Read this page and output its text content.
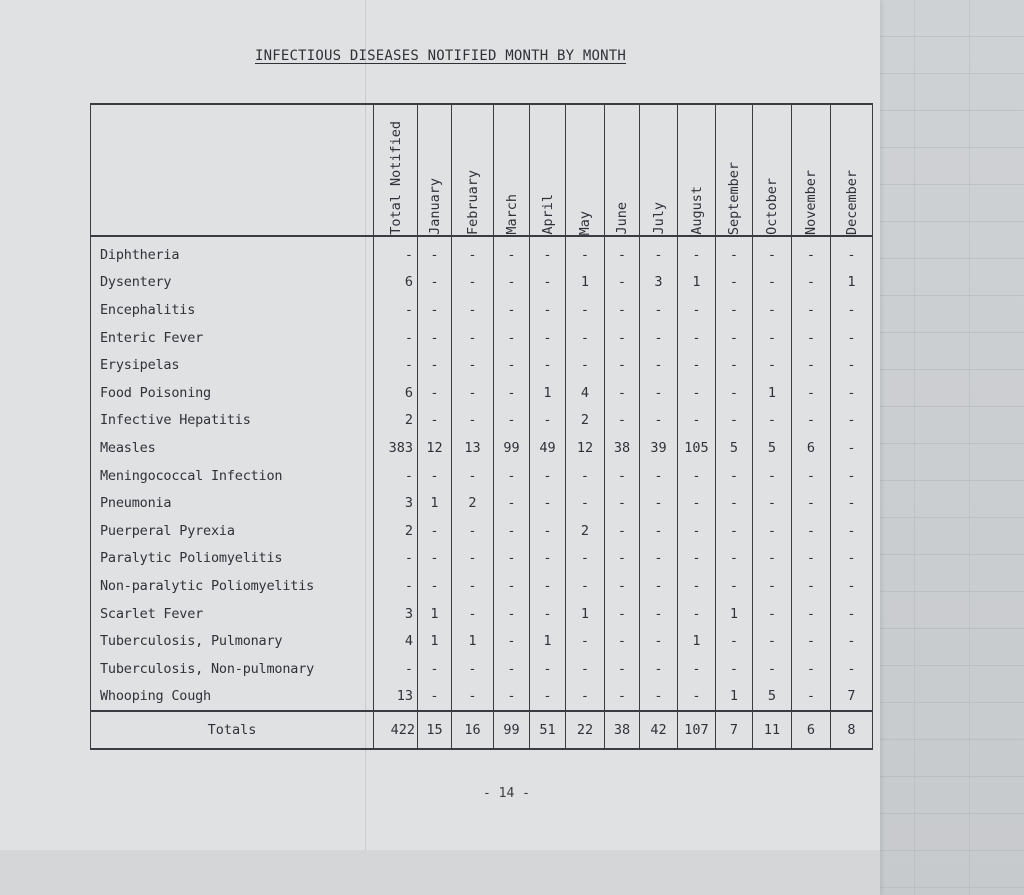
INFECTIOUS DISEASES NOTIFIED MONTH BY MONTH

	Total Notified	January	February	March	April	May	June	July	August	September	October	November	December

Diphtheria	-	-	-	-	-	-	-	-	-	-	-	-	-
Dysentery	6	-	-	-	-	1	-	3	1	-	-	-	1
Encephalitis	-	-	-	-	-	-	-	-	-	-	-	-	-
Enteric Fever	-	-	-	-	-	-	-	-	-	-	-	-	-
Erysipelas	-	-	-	-	-	-	-	-	-	-	-	-	-
Food Poisoning	6	-	-	-	1	4	-	-	-	-	1	-	-
Infective Hepatitis	2	-	-	-	-	2	-	-	-	-	-	-	-
Measles	383	12	13	99	49	12	38	39	105	5	5	6	-
Meningococcal Infection	-	-	-	-	-	-	-	-	-	-	-	-	-
Pneumonia	3	1	2	-	-	-	-	-	-	-	-	-	-
Puerperal Pyrexia	2	-	-	-	-	2	-	-	-	-	-	-	-
Paralytic Poliomyelitis	-	-	-	-	-	-	-	-	-	-	-	-	-
Non-paralytic Poliomyelitis	-	-	-	-	-	-	-	-	-	-	-	-	-
Scarlet Fever	3	1	-	-	-	1	-	-	-	1	-	-	-
Tuberculosis, Pulmonary	4	1	1	-	1	-	-	-	1	-	-	-	-
Tuberculosis, Non-pulmonary	-	-	-	-	-	-	-	-	-	-	-	-	-
Whooping Cough	13	-	-	-	-	-	-	-	-	1	5	-	7
Totals	422	15	16	99	51	22	38	42	107	7	11	6	8
- 14 -
